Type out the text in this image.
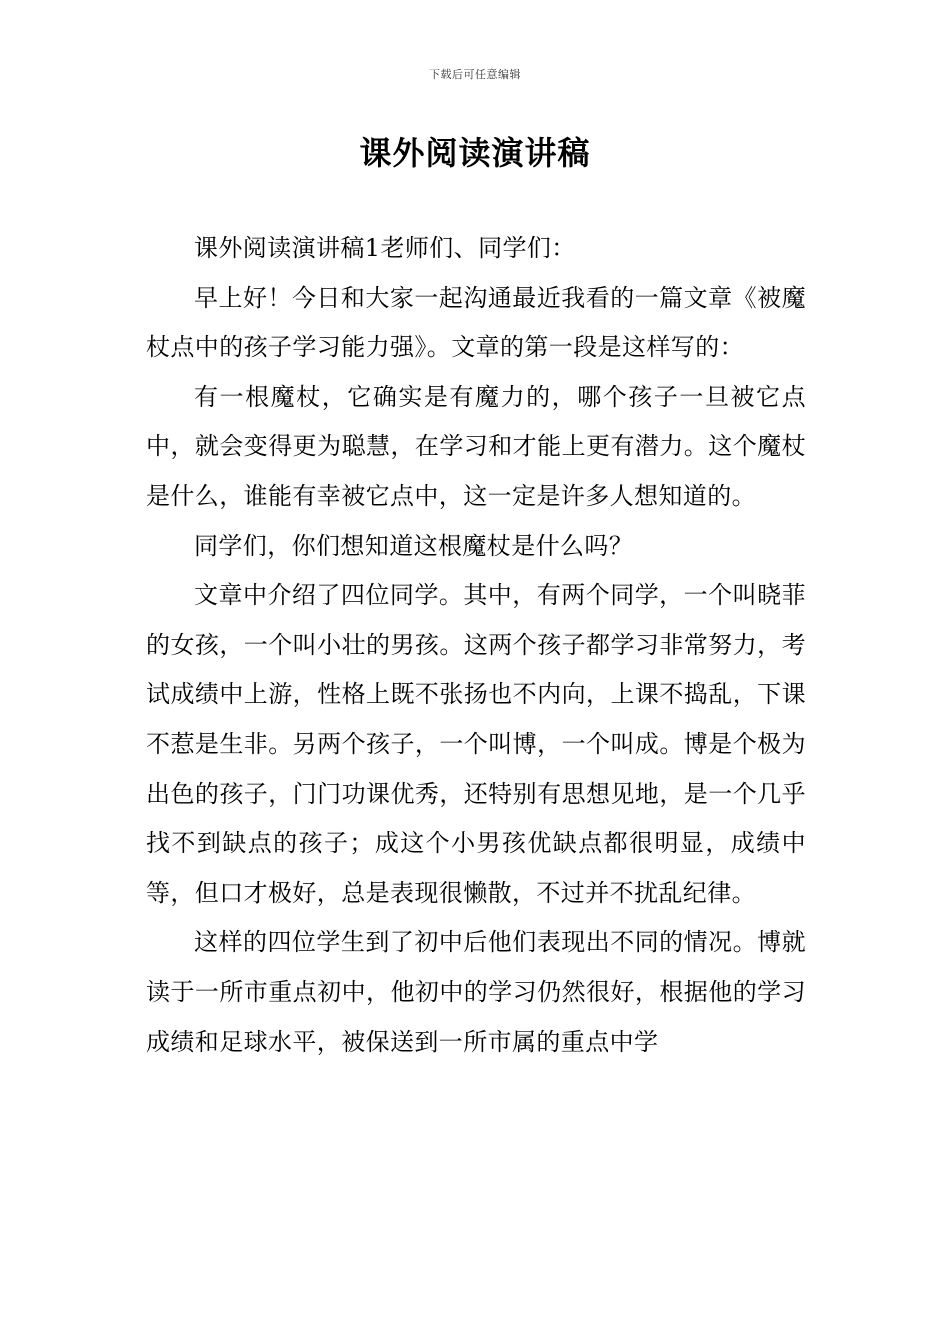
下载后可任意编辑
课外阅读演讲稿

课外阅读演讲稿1老师们、同学们：

早上好！今日和大家一起沟通最近我看的一篇文章《被魔杖点中的孩子学习能力强》。文章的第一段是这样写的：

有一根魔杖，它确实是有魔力的，哪个孩子一旦被它点中，就会变得更为聪慧，在学习和才能上更有潜力。这个魔杖是什么，谁能有幸被它点中，这一定是许多人想知道的。

同学们，你们想知道这根魔杖是什么吗？

文章中介绍了四位同学。其中，有两个同学，一个叫晓菲的女孩，一个叫小壮的男孩。这两个孩子都学习非常努力，考试成绩中上游，性格上既不张扬也不内向，上课不捣乱，下课不惹是生非。另两个孩子，一个叫博，一个叫成。博是个极为出色的孩子，门门功课优秀，还特别有思想见地，是一个几乎找不到缺点的孩子；成这个小男孩优缺点都很明显，成绩中等，但口才极好，总是表现很懒散，不过并不扰乱纪律。

这样的四位学生到了初中后他们表现出不同的情况。博就读于一所市重点初中，他初中的学习仍然很好，根据他的学习成绩和足球水平，被保送到一所市属的重点中学
